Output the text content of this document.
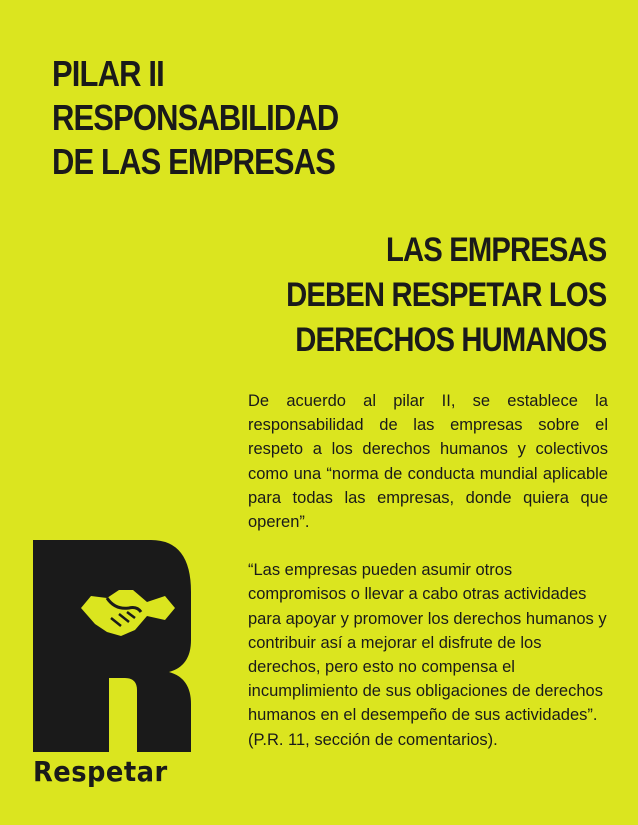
PILAR II
RESPONSABILIDAD
DE LAS EMPRESAS
LAS EMPRESAS
DEBEN RESPETAR LOS
DERECHOS HUMANOS

De acuerdo al pilar II, se establece la responsabilidad de las empresas sobre el respeto a los derechos humanos y colectivos como una “norma de conducta mundial aplicable para todas las empresas, donde quiera que operen”.

“Las empresas pueden asumir otros compromisos o llevar a cabo otras actividades para apoyar y promover los derechos humanos y contribuir así a mejorar el disfrute de los derechos, pero esto no compensa el incumplimiento de sus obligaciones de derechos humanos en el desempeño de sus actividades”. (P.R. 11, sección de comentarios).

Respetar
